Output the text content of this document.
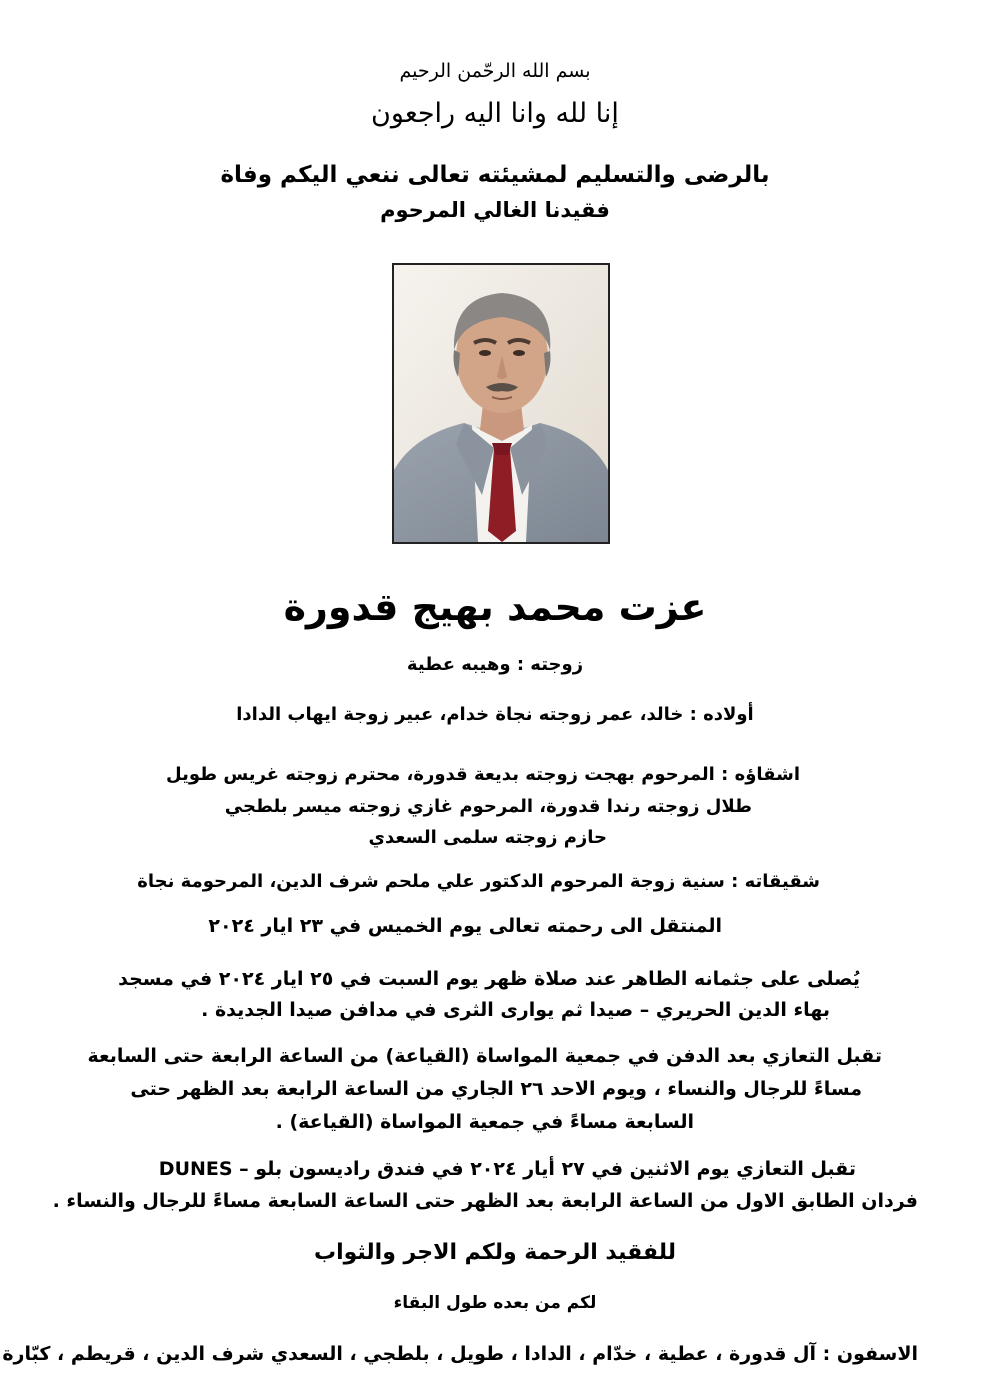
بسم الله الرحّمن الرحيم
إنا لله وانا اليه راجعون
بالرضى والتسليم لمشيئته تعالى ننعي اليكم وفاة
فقيدنا الغالي المرحوم
عزت محمد بهيج قدورة
زوجته : وهيبه عطية
أولاده : خالد، عمر زوجته نجاة خدام، عبير زوجة ايهاب الدادا
اشقاؤه : المرحوم بهجت زوجته بديعة قدورة، محترم زوجته غريس طويل
طلال زوجته رندا قدورة، المرحوم غازي زوجته ميسر بلطجي
حازم زوجته سلمى السعدي
شقيقاته : سنية زوجة المرحوم الدكتور علي ملحم شرف الدين، المرحومة نجاة
المنتقل الى رحمته تعالى يوم الخميس في ٢٣ ايار ٢٠٢٤
يُصلى على جثمانه الطاهر عند صلاة ظهر يوم السبت في ٢٥ ايار ٢٠٢٤ في مسجد
بهاء الدين الحريري – صيدا ثم يوارى الثرى في مدافن صيدا الجديدة .
تقبل التعازي بعد الدفن في جمعية المواساة (القياعة) من الساعة الرابعة حتى السابعة
مساءً للرجال والنساء ، ويوم الاحد ٢٦ الجاري من الساعة الرابعة بعد الظهر حتى
السابعة مساءً في جمعية المواساة (القياعة) .
تقبل التعازي يوم الاثنين في ٢٧ أيار ٢٠٢٤ في فندق راديسون بلو – DUNES
فردان الطابق الاول من الساعة الرابعة بعد الظهر حتى الساعة السابعة مساءً للرجال والنساء .
للفقيد الرحمة ولكم الاجر والثواب
لكم من بعده طول البقاء
الاسفون : آل قدورة ، عطية ، خدّام ، الدادا ، طويل ، بلطجي ، السعدي شرف الدين ، قريطم ، كبّارة
